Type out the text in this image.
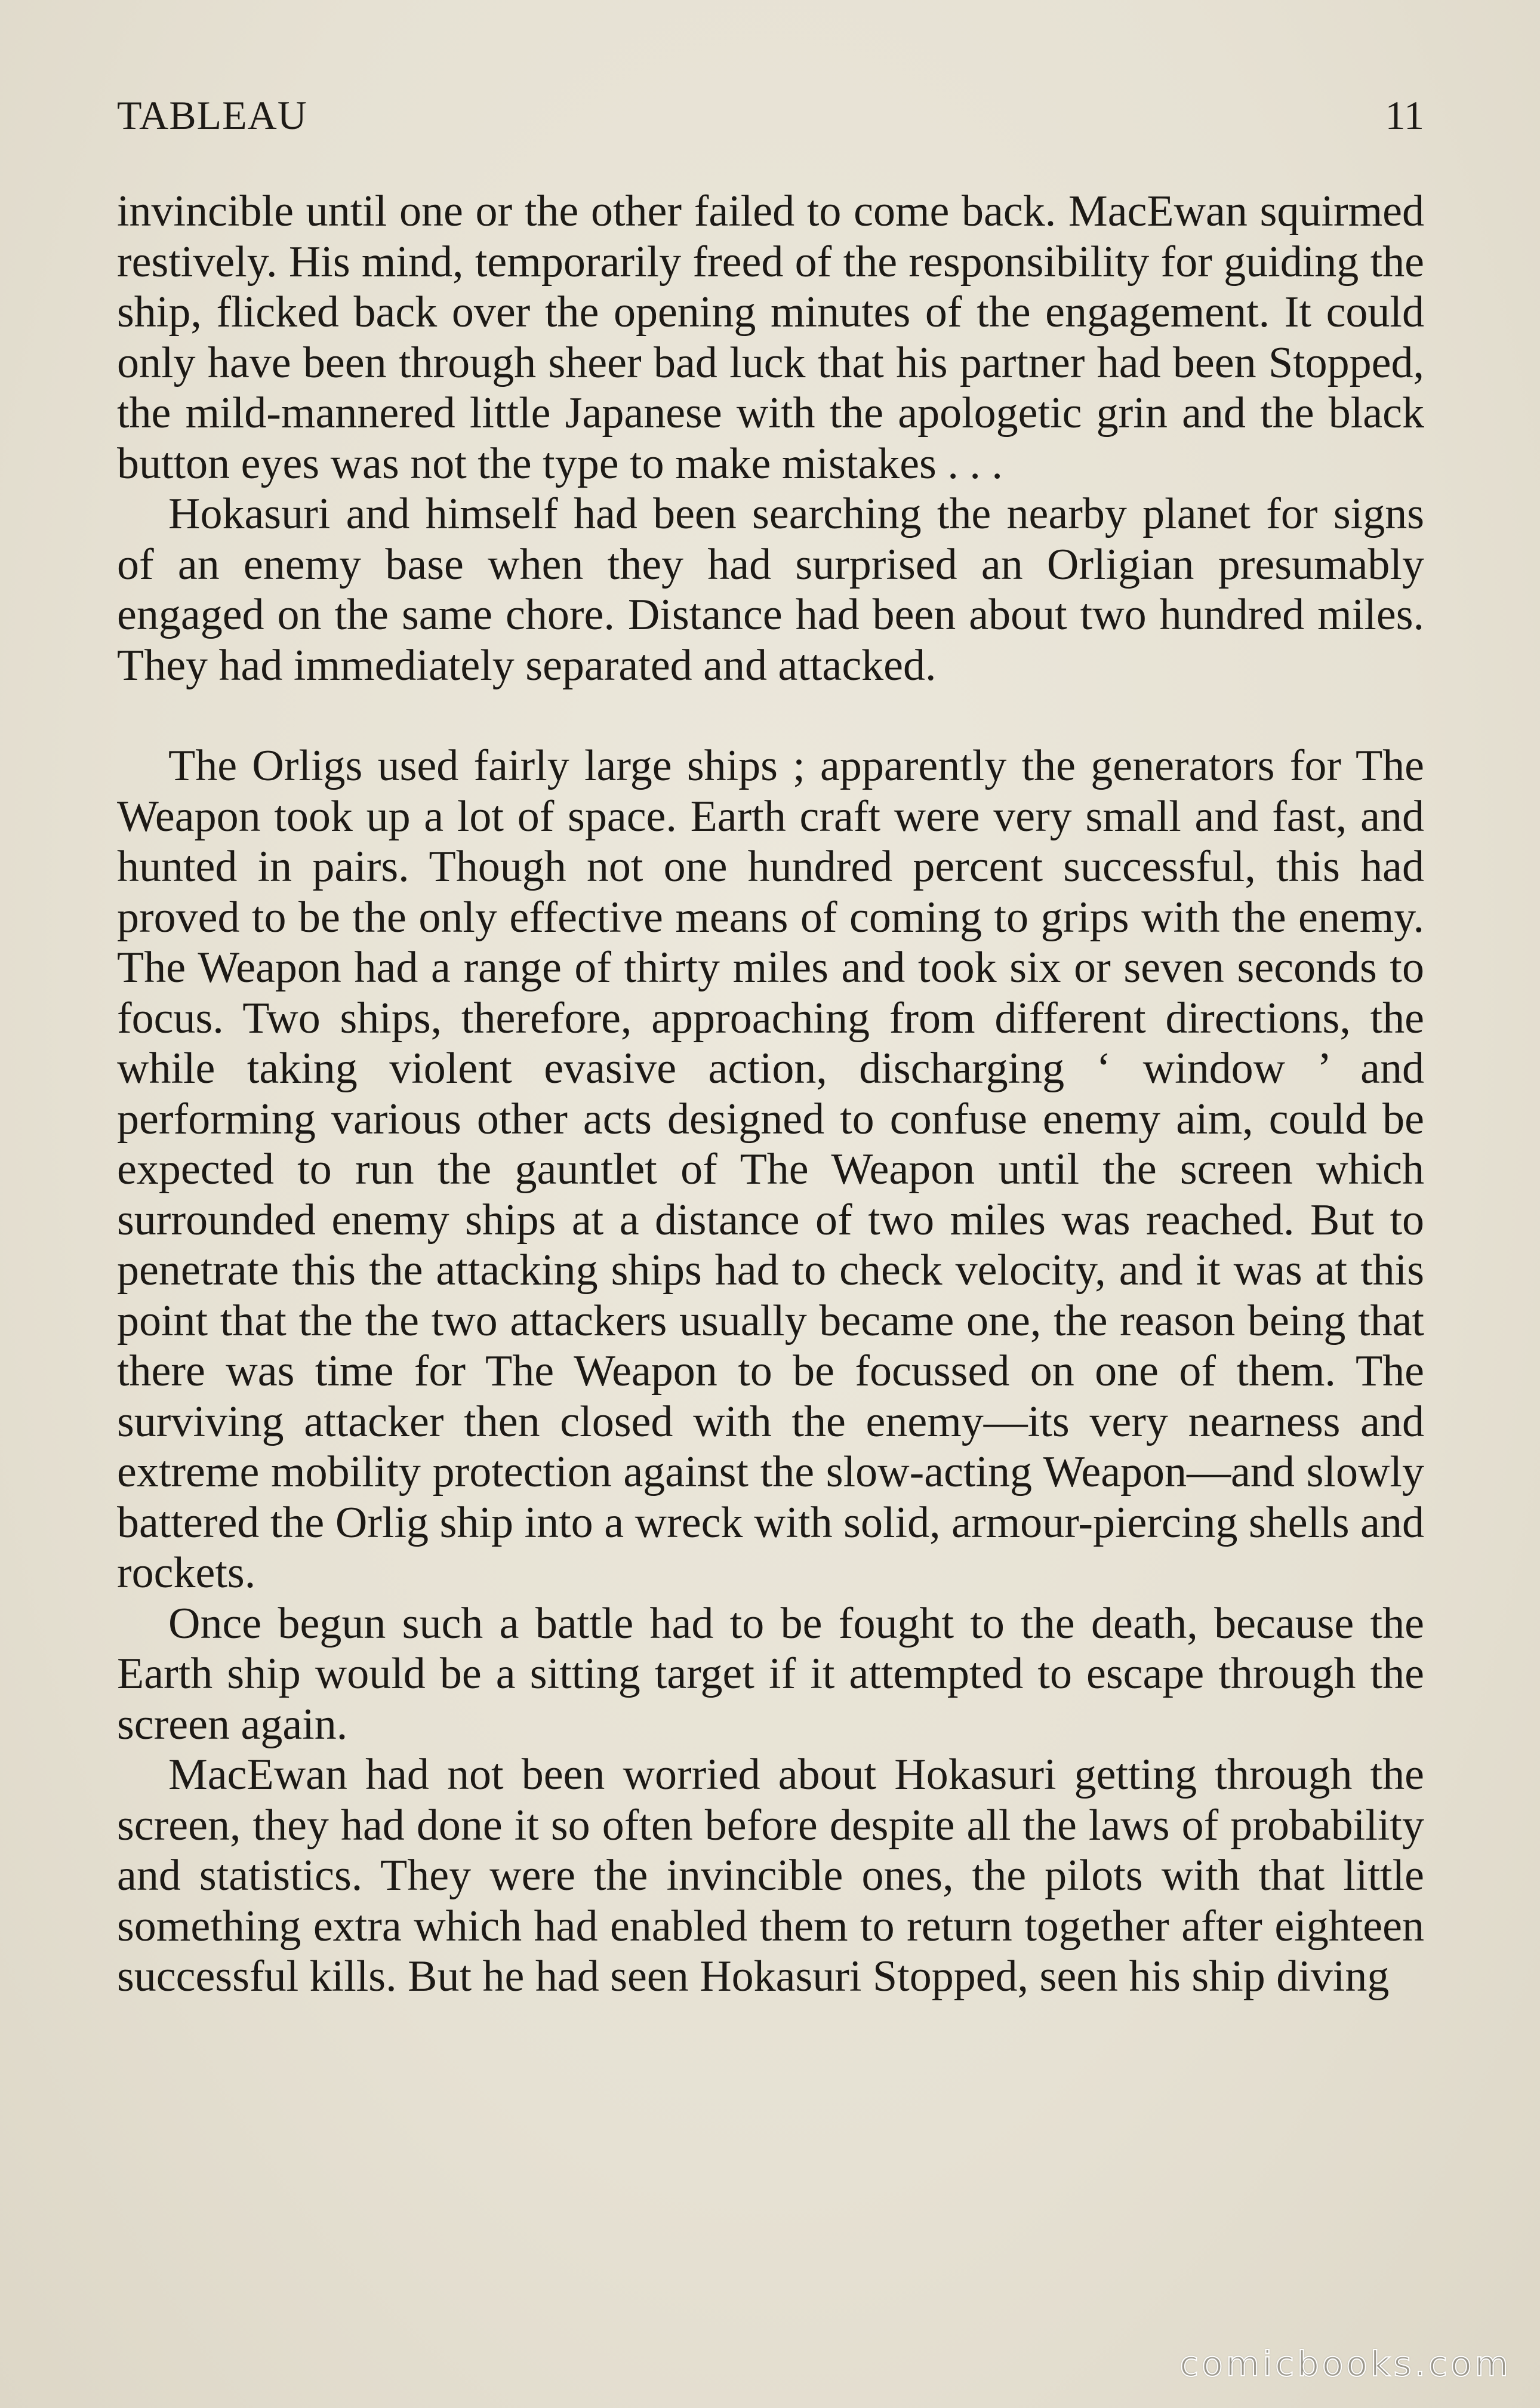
TABLEAU	11

invincible until one or the other failed to come back. MacEwan squirmed restively. His mind, temporarily freed of the responsibility for guiding the ship, flicked back over the opening minutes of the engagement. It could only have been through sheer bad luck that his partner had been Stopped, the mild-mannered little Japanese with the apologetic grin and the black button eyes was not the type to make mistakes . . .

Hokasuri and himself had been searching the nearby planet for signs of an enemy base when they had surprised an Orligian presumably engaged on the same chore. Distance had been about two hundred miles. They had immediately separated and attacked.

The Orligs used fairly large ships ; apparently the generators for The Weapon took up a lot of space. Earth craft were very small and fast, and hunted in pairs. Though not one hundred percent successful, this had proved to be the only effective means of coming to grips with the enemy. The Weapon had a range of thirty miles and took six or seven seconds to focus. Two ships, therefore, approaching from different directions, the while taking violent evasive action, discharging ‘ window ’ and performing various other acts designed to confuse enemy aim, could be expected to run the gauntlet of The Weapon until the screen which surrounded enemy ships at a distance of two miles was reached. But to penetrate this the attacking ships had to check velocity, and it was at this point that the the two attackers usually became one, the reason being that there was time for The Weapon to be focussed on one of them. The surviving attacker then closed with the enemy—its very nearness and extreme mobility protection against the slow-acting Weapon—and slowly battered the Orlig ship into a wreck with solid, armour-piercing shells and rockets.

Once begun such a battle had to be fought to the death, because the Earth ship would be a sitting target if it attempted to escape through the screen again.

MacEwan had not been worried about Hokasuri getting through the screen, they had done it so often before despite all the laws of probability and statistics. They were the invincible ones, the pilots with that little something extra which had enabled them to return together after eighteen successful kills. But he had seen Hokasuri Stopped, seen his ship diving

comicbooks.com
